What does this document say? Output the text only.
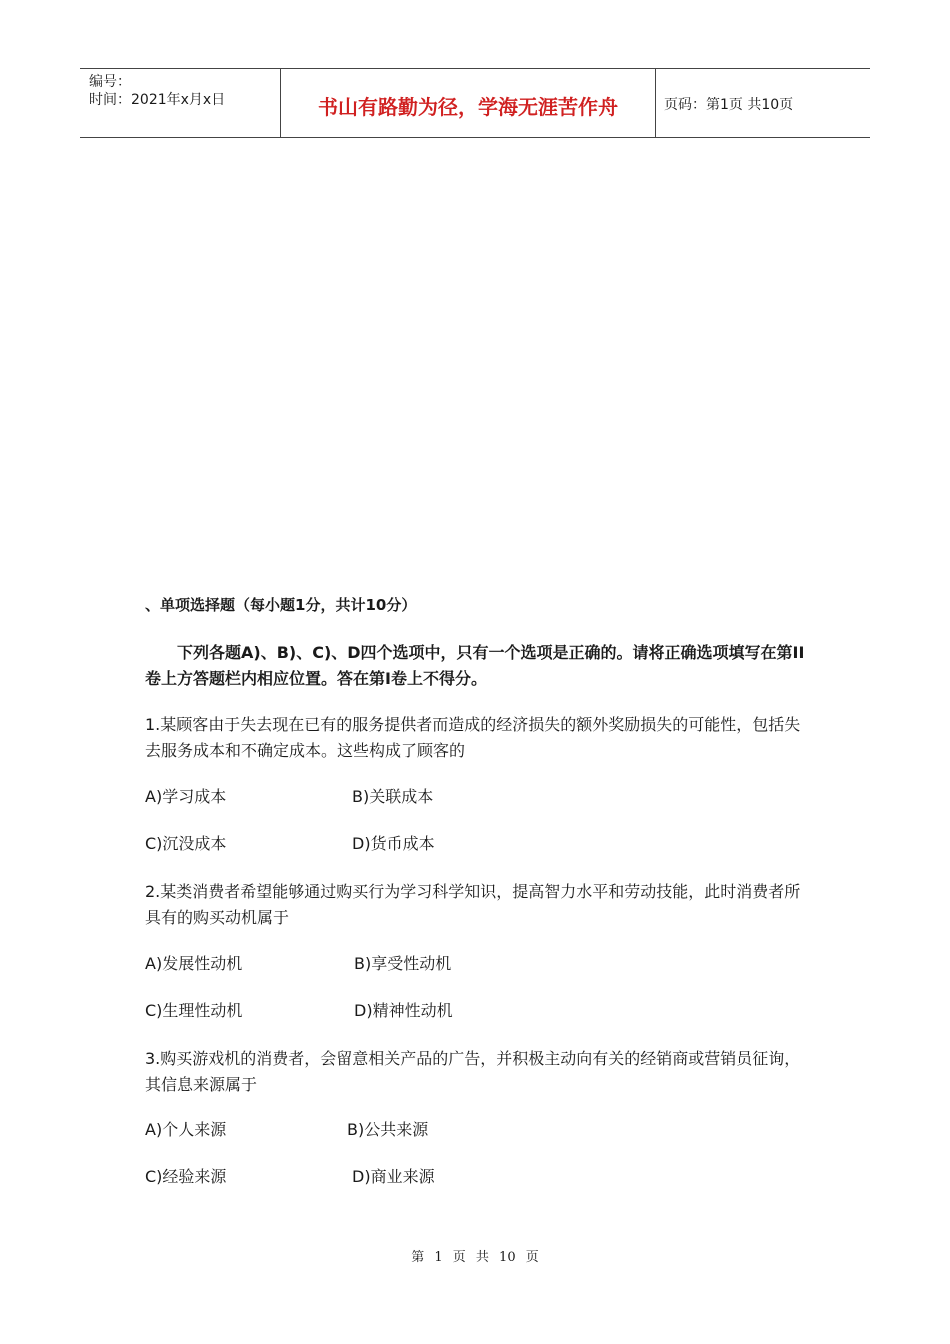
编号：
时间：2021年x月x日	书山有路勤为径，学海无涯苦作舟	页码：第1页 共10页
、单项选择题（每小题1分，共计10分）
下列各题A)、B)、C)、D四个选项中，只有一个选项是正确的。请将正确选项填写在第II卷上方答题栏内相应位置。答在第I卷上不得分。
1.某顾客由于失去现在已有的服务提供者而造成的经济损失的额外奖励损失的可能性，包括失去服务成本和不确定成本。这些构成了顾客的
A)学习成本	B)关联成本
C)沉没成本	D)货币成本
2.某类消费者希望能够通过购买行为学习科学知识，提高智力水平和劳动技能，此时消费者所具有的购买动机属于
A)发展性动机	B)享受性动机
C)生理性动机	D)精神性动机
3.购买游戏机的消费者，会留意相关产品的广告，并积极主动向有关的经销商或营销员征询，其信息来源属于
A)个人来源	B)公共来源
C)经验来源	D)商业来源
第 1 页 共 10 页
